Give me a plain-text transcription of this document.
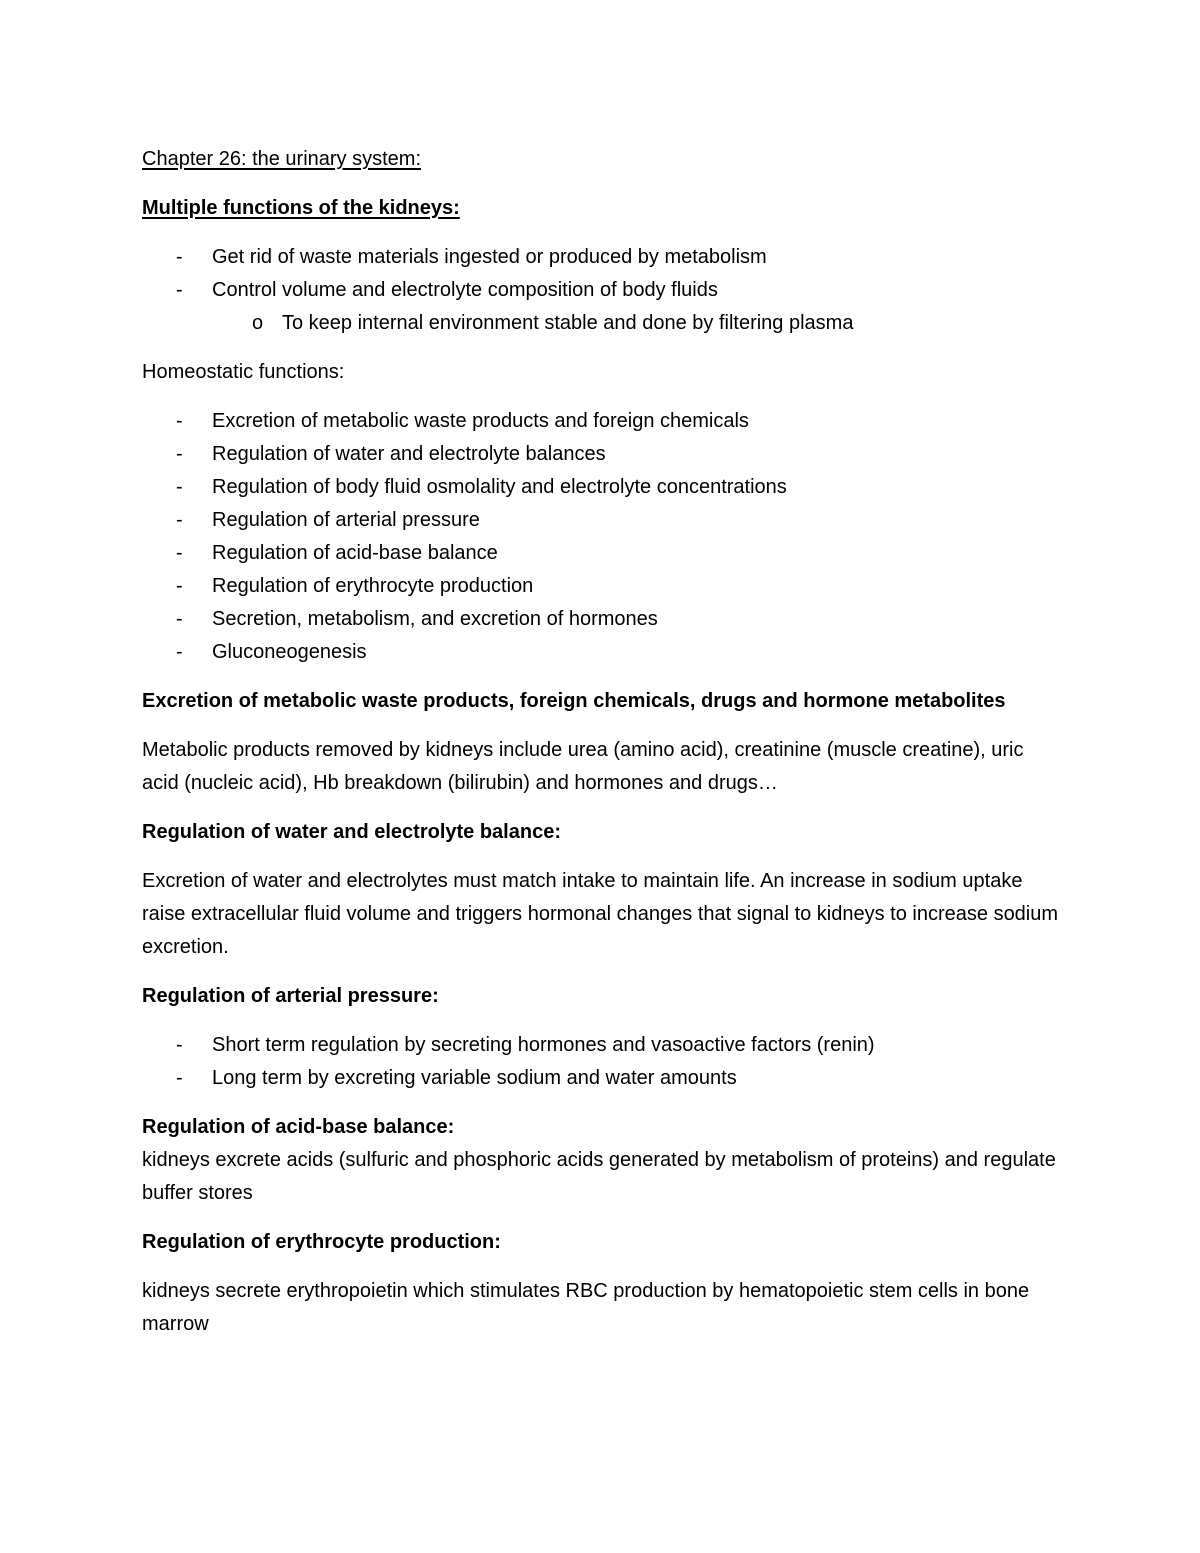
Chapter 26: the urinary system:

Multiple functions of the kidneys:

- Get rid of waste materials ingested or produced by metabolism
- Control volume and electrolyte composition of body fluids
o To keep internal environment stable and done by filtering plasma

Homeostatic functions:

- Excretion of metabolic waste products and foreign chemicals
- Regulation of water and electrolyte balances
- Regulation of body fluid osmolality and electrolyte concentrations
- Regulation of arterial pressure
- Regulation of acid-base balance
- Regulation of erythrocyte production
- Secretion, metabolism, and excretion of hormones
- Gluconeogenesis

Excretion of metabolic waste products, foreign chemicals, drugs and hormone metabolites

Metabolic products removed by kidneys include urea (amino acid), creatinine (muscle creatine), uric acid (nucleic acid), Hb breakdown (bilirubin) and hormones and drugs…

Regulation of water and electrolyte balance:

Excretion of water and electrolytes must match intake to maintain life. An increase in sodium uptake raise extracellular fluid volume and triggers hormonal changes that signal to kidneys to increase sodium excretion.

Regulation of arterial pressure:

- Short term regulation by secreting hormones and vasoactive factors (renin)
- Long term by excreting variable sodium and water amounts

Regulation of acid-base balance:

kidneys excrete acids (sulfuric and phosphoric acids generated by metabolism of proteins) and regulate buffer stores

Regulation of erythrocyte production:

kidneys secrete erythropoietin which stimulates RBC production by hematopoietic stem cells in bone marrow
